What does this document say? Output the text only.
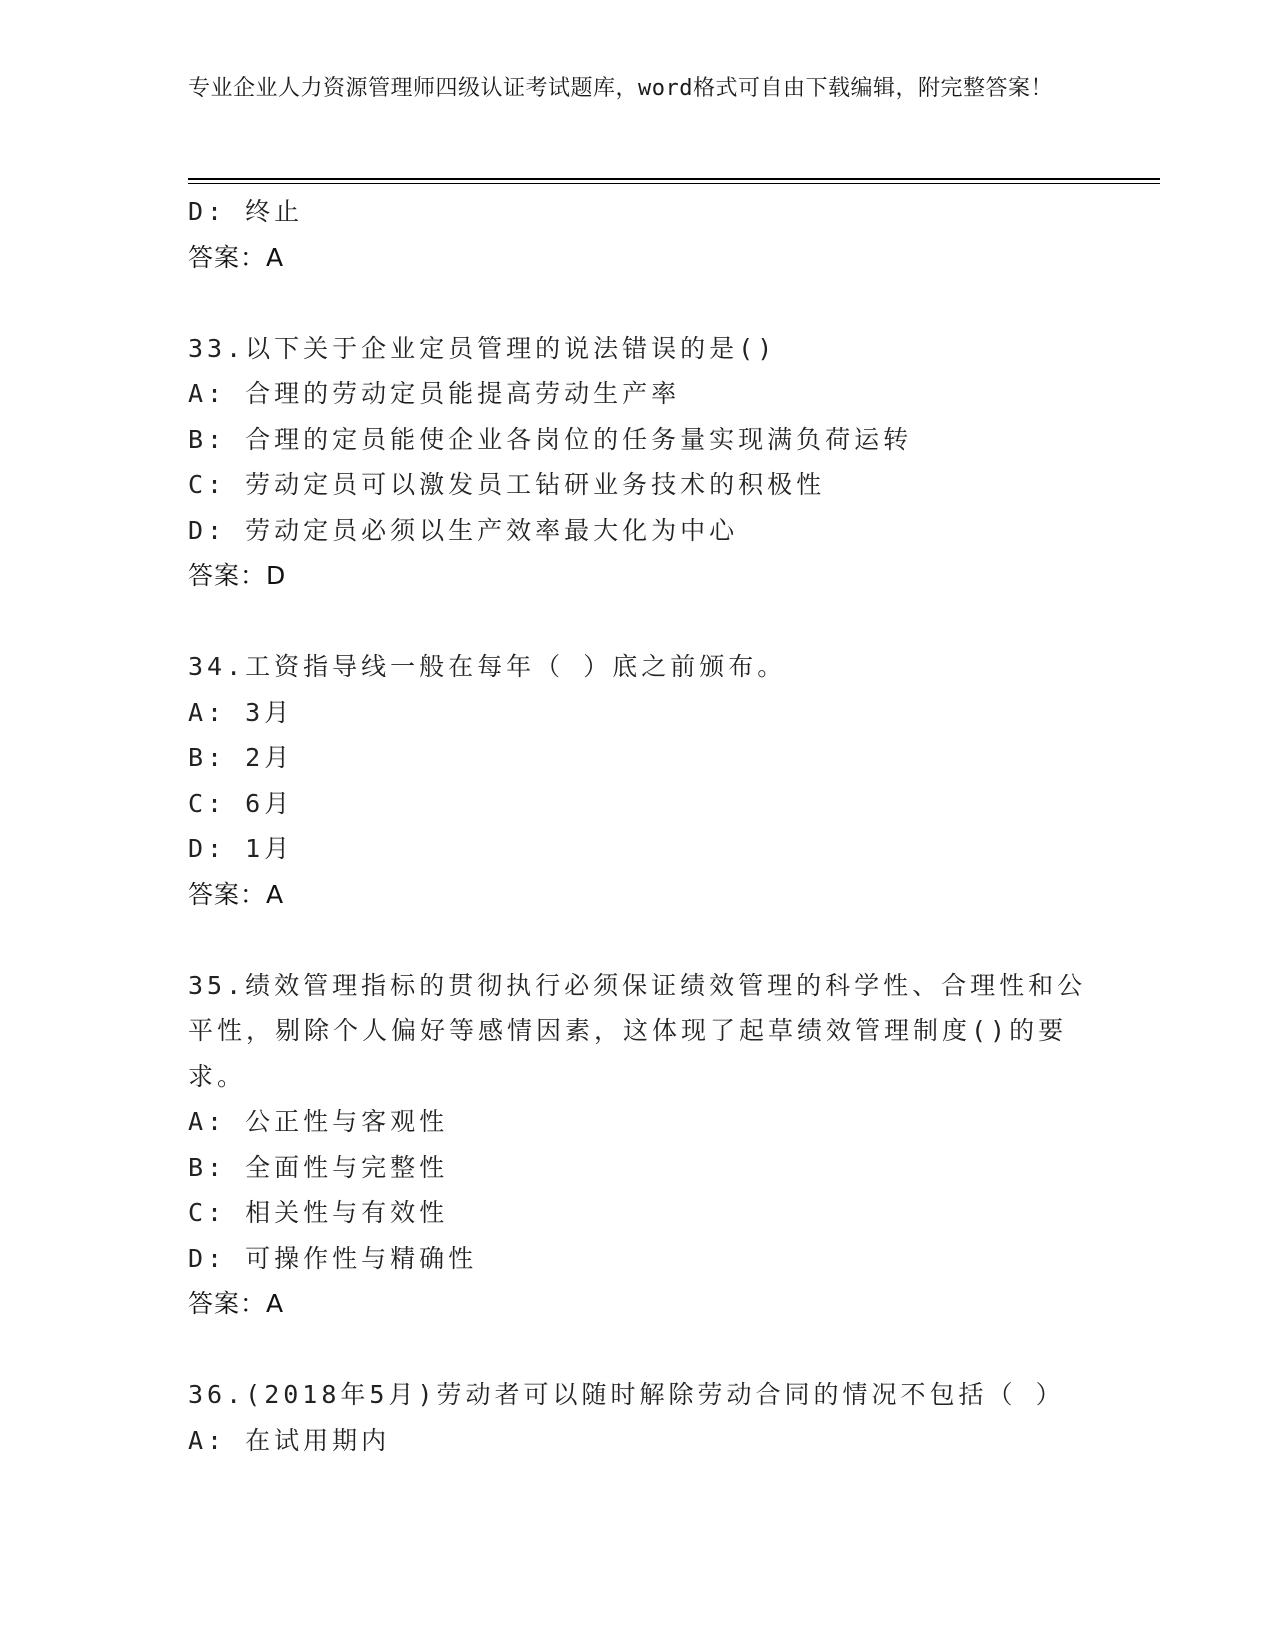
专业企业人力资源管理师四级认证考试题库，word格式可自由下载编辑，附完整答案！
D: 终止
答案：A
33.以下关于企业定员管理的说法错误的是()
A: 合理的劳动定员能提高劳动生产率
B: 合理的定员能使企业各岗位的任务量实现满负荷运转
C: 劳动定员可以激发员工钻研业务技术的积极性
D: 劳动定员必须以生产效率最大化为中心
答案：D
34.工资指导线一般在每年（ ）底之前颁布。
A: 3月
B: 2月
C: 6月
D: 1月
答案：A
35.绩效管理指标的贯彻执行必须保证绩效管理的科学性、合理性和公平性，剔除个人偏好等感情因素，这体现了起草绩效管理制度()的要求。
A: 公正性与客观性
B: 全面性与完整性
C: 相关性与有效性
D: 可操作性与精确性
答案：A
36.(2018年5月)劳动者可以随时解除劳动合同的情况不包括（ ）
A: 在试用期内
